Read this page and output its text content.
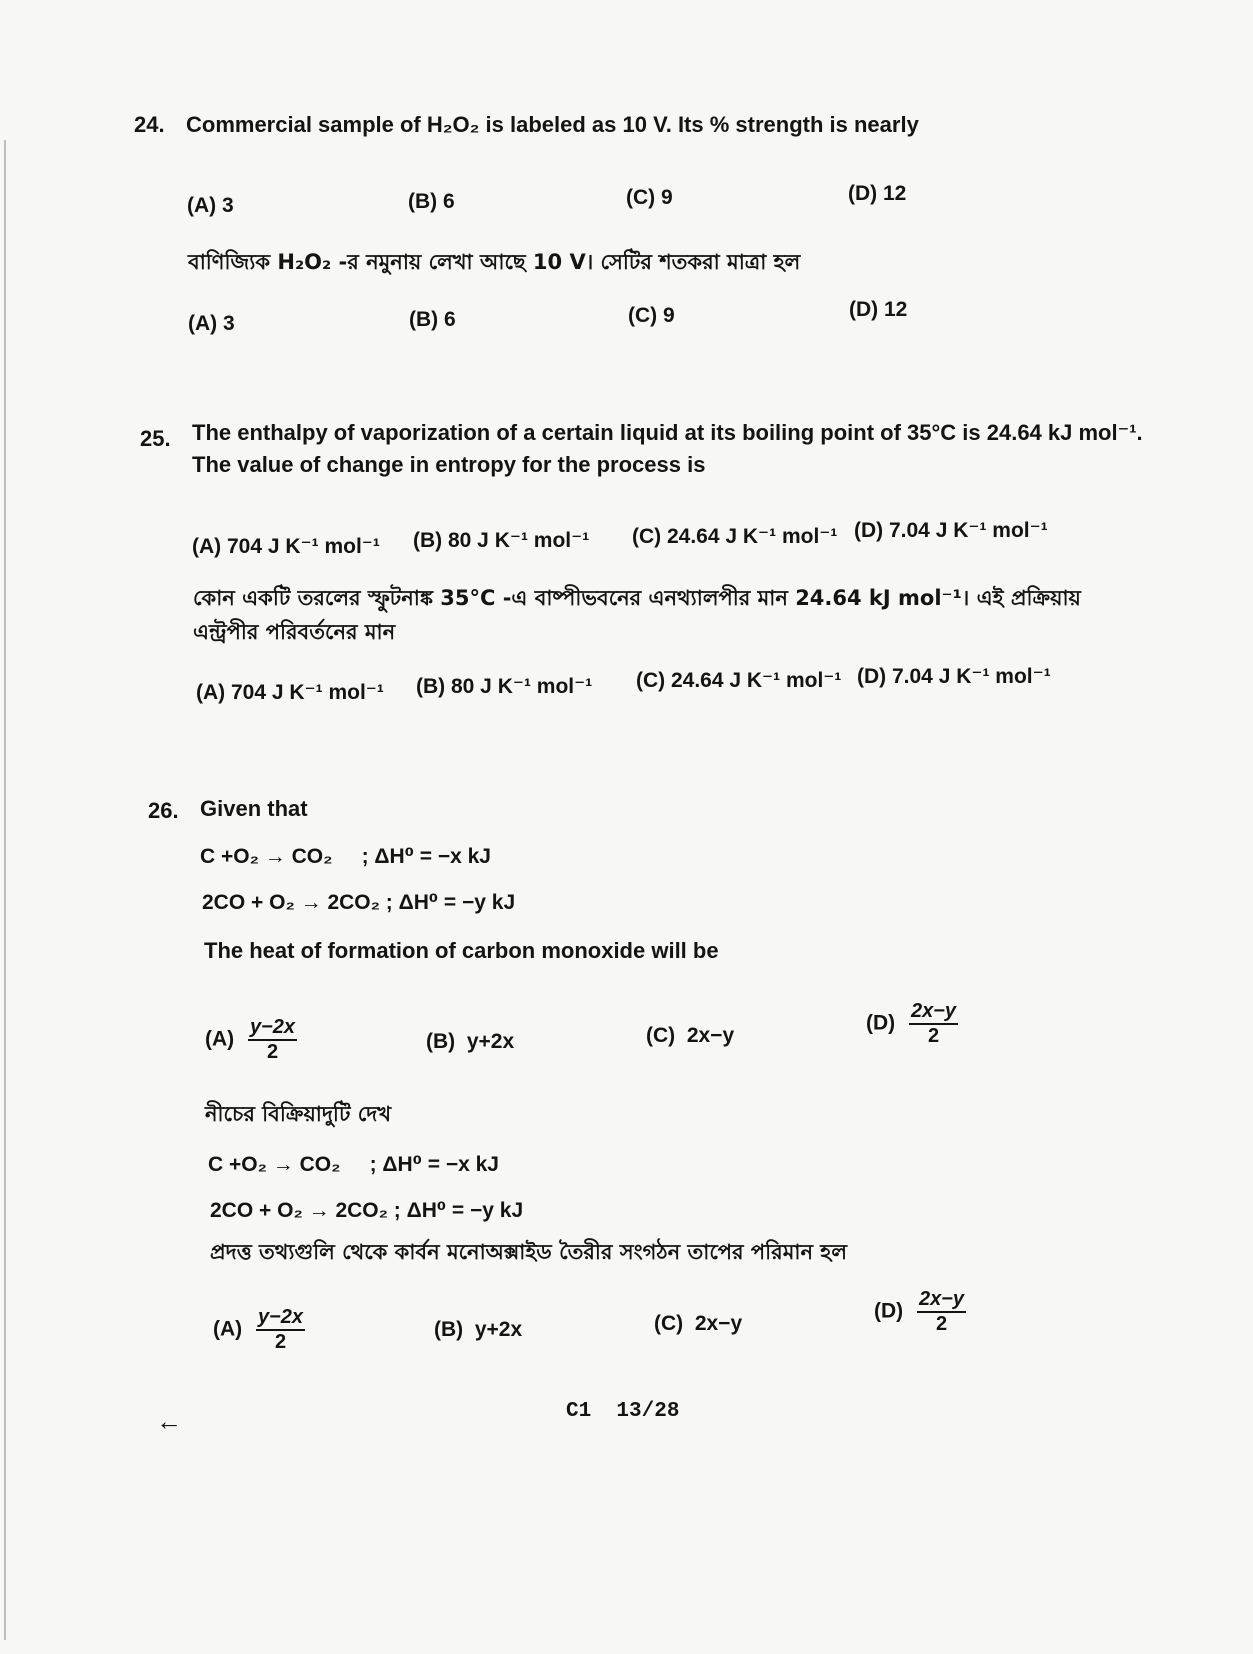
24. Commercial sample of H₂O₂ is labeled as 10 V. Its % strength is nearly
(A) 3	(B) 6	(C) 9	(D) 12
বাণিজ্যিক H₂O₂ -র নমুনায় লেখা আছে 10 V। সেটির শতকরা মাত্রা হল
(A) 3	(B) 6	(C) 9	(D) 12
25. The enthalpy of vaporization of a certain liquid at its boiling point of 35°C is 24.64 kJ mol⁻¹.
The value of change in entropy for the process is
(A) 704 J K⁻¹ mol⁻¹ (B) 80 J K⁻¹ mol⁻¹ (C) 24.64 J K⁻¹ mol⁻¹ (D) 7.04 J K⁻¹ mol⁻¹
কোন একটি তরলের স্ফুটনাঙ্ক 35°C -এ বাষ্পীভবনের এনথ্যালপীর মান 24.64 kJ mol⁻¹। এই প্রক্রিয়ায়
এন্ট্রপীর পরিবর্তনের মান
(A) 704 J K⁻¹ mol⁻¹ (B) 80 J K⁻¹ mol⁻¹ (C) 24.64 J K⁻¹ mol⁻¹ (D) 7.04 J K⁻¹ mol⁻¹
26. Given that
C +O₂ → CO₂     ; ΔH⁰ = −x kJ
2CO + O₂ → 2CO₂ ; ΔH⁰ = −y kJ
The heat of formation of carbon monoxide will be
$(A) \frac{y-2x}{2}$	(B)  y+2x	(C)  2x−y
$(D) \frac{2x-y}{2}$
নীচের বিক্রিয়াদুটি দেখ
C +O₂ → CO₂     ; ΔH⁰ = −x kJ
2CO + O₂ → 2CO₂ ; ΔH⁰ = −y kJ
প্রদত্ত তথ্যগুলি থেকে কার্বন মনোঅক্সাইড তৈরীর সংগঠন তাপের পরিমান হল
$(A) \frac{y-2x}{2}$	(B)  y+2x	(C)  2x−y
$(D) \frac{2x-y}{2}$
←	C1  13/28
